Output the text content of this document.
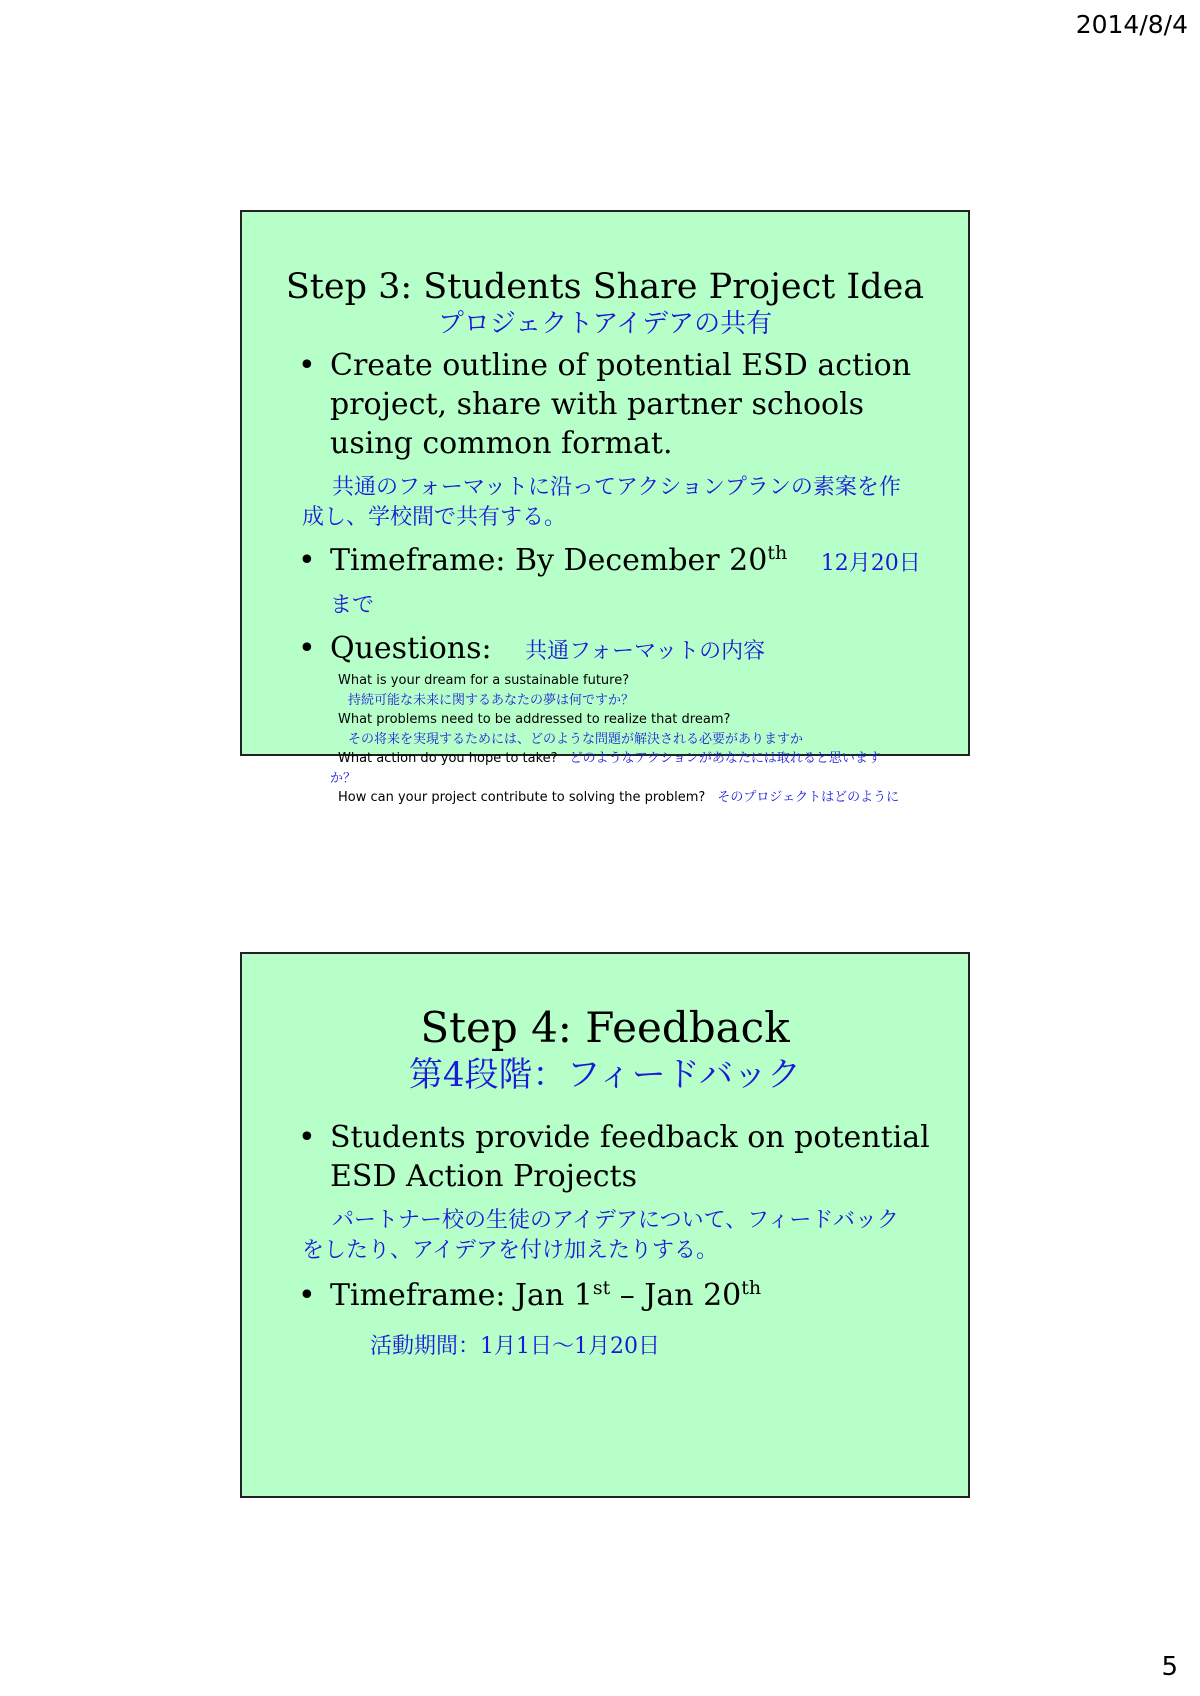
2014/8/4
Step 3: Students Share Project Idea
プロジェクトアイデアの共有
• Create outline of potential ESD action project, share with partner schools using common format.
共通のフォーマットに沿ってアクションプランの素案を作成し、学校間で共有する。
• Timeframe: By December 20th 12月20日まで
• Questions: 共通フォーマットの内容
What is your dream for a sustainable future?
持続可能な未来に関するあなたの夢は何ですか？
What problems need to be addressed to realize that dream?
その将来を実現するためには、どのような問題が解決される必要がありますか
What action do you hope to take? どのようなアクションがあなたには取れると思います
か？
How can your project contribute to solving the problem? そのプロジェクトはどのように
Step 4: Feedback
第4段階：フィードバック
• Students provide feedback on potential ESD Action Projects
パートナー校の生徒のアイデアについて、フィードバックをしたり、アイデアを付け加えたりする。
• Timeframe: Jan 1st – Jan 20th
活動期間：1月1日～1月20日
5
